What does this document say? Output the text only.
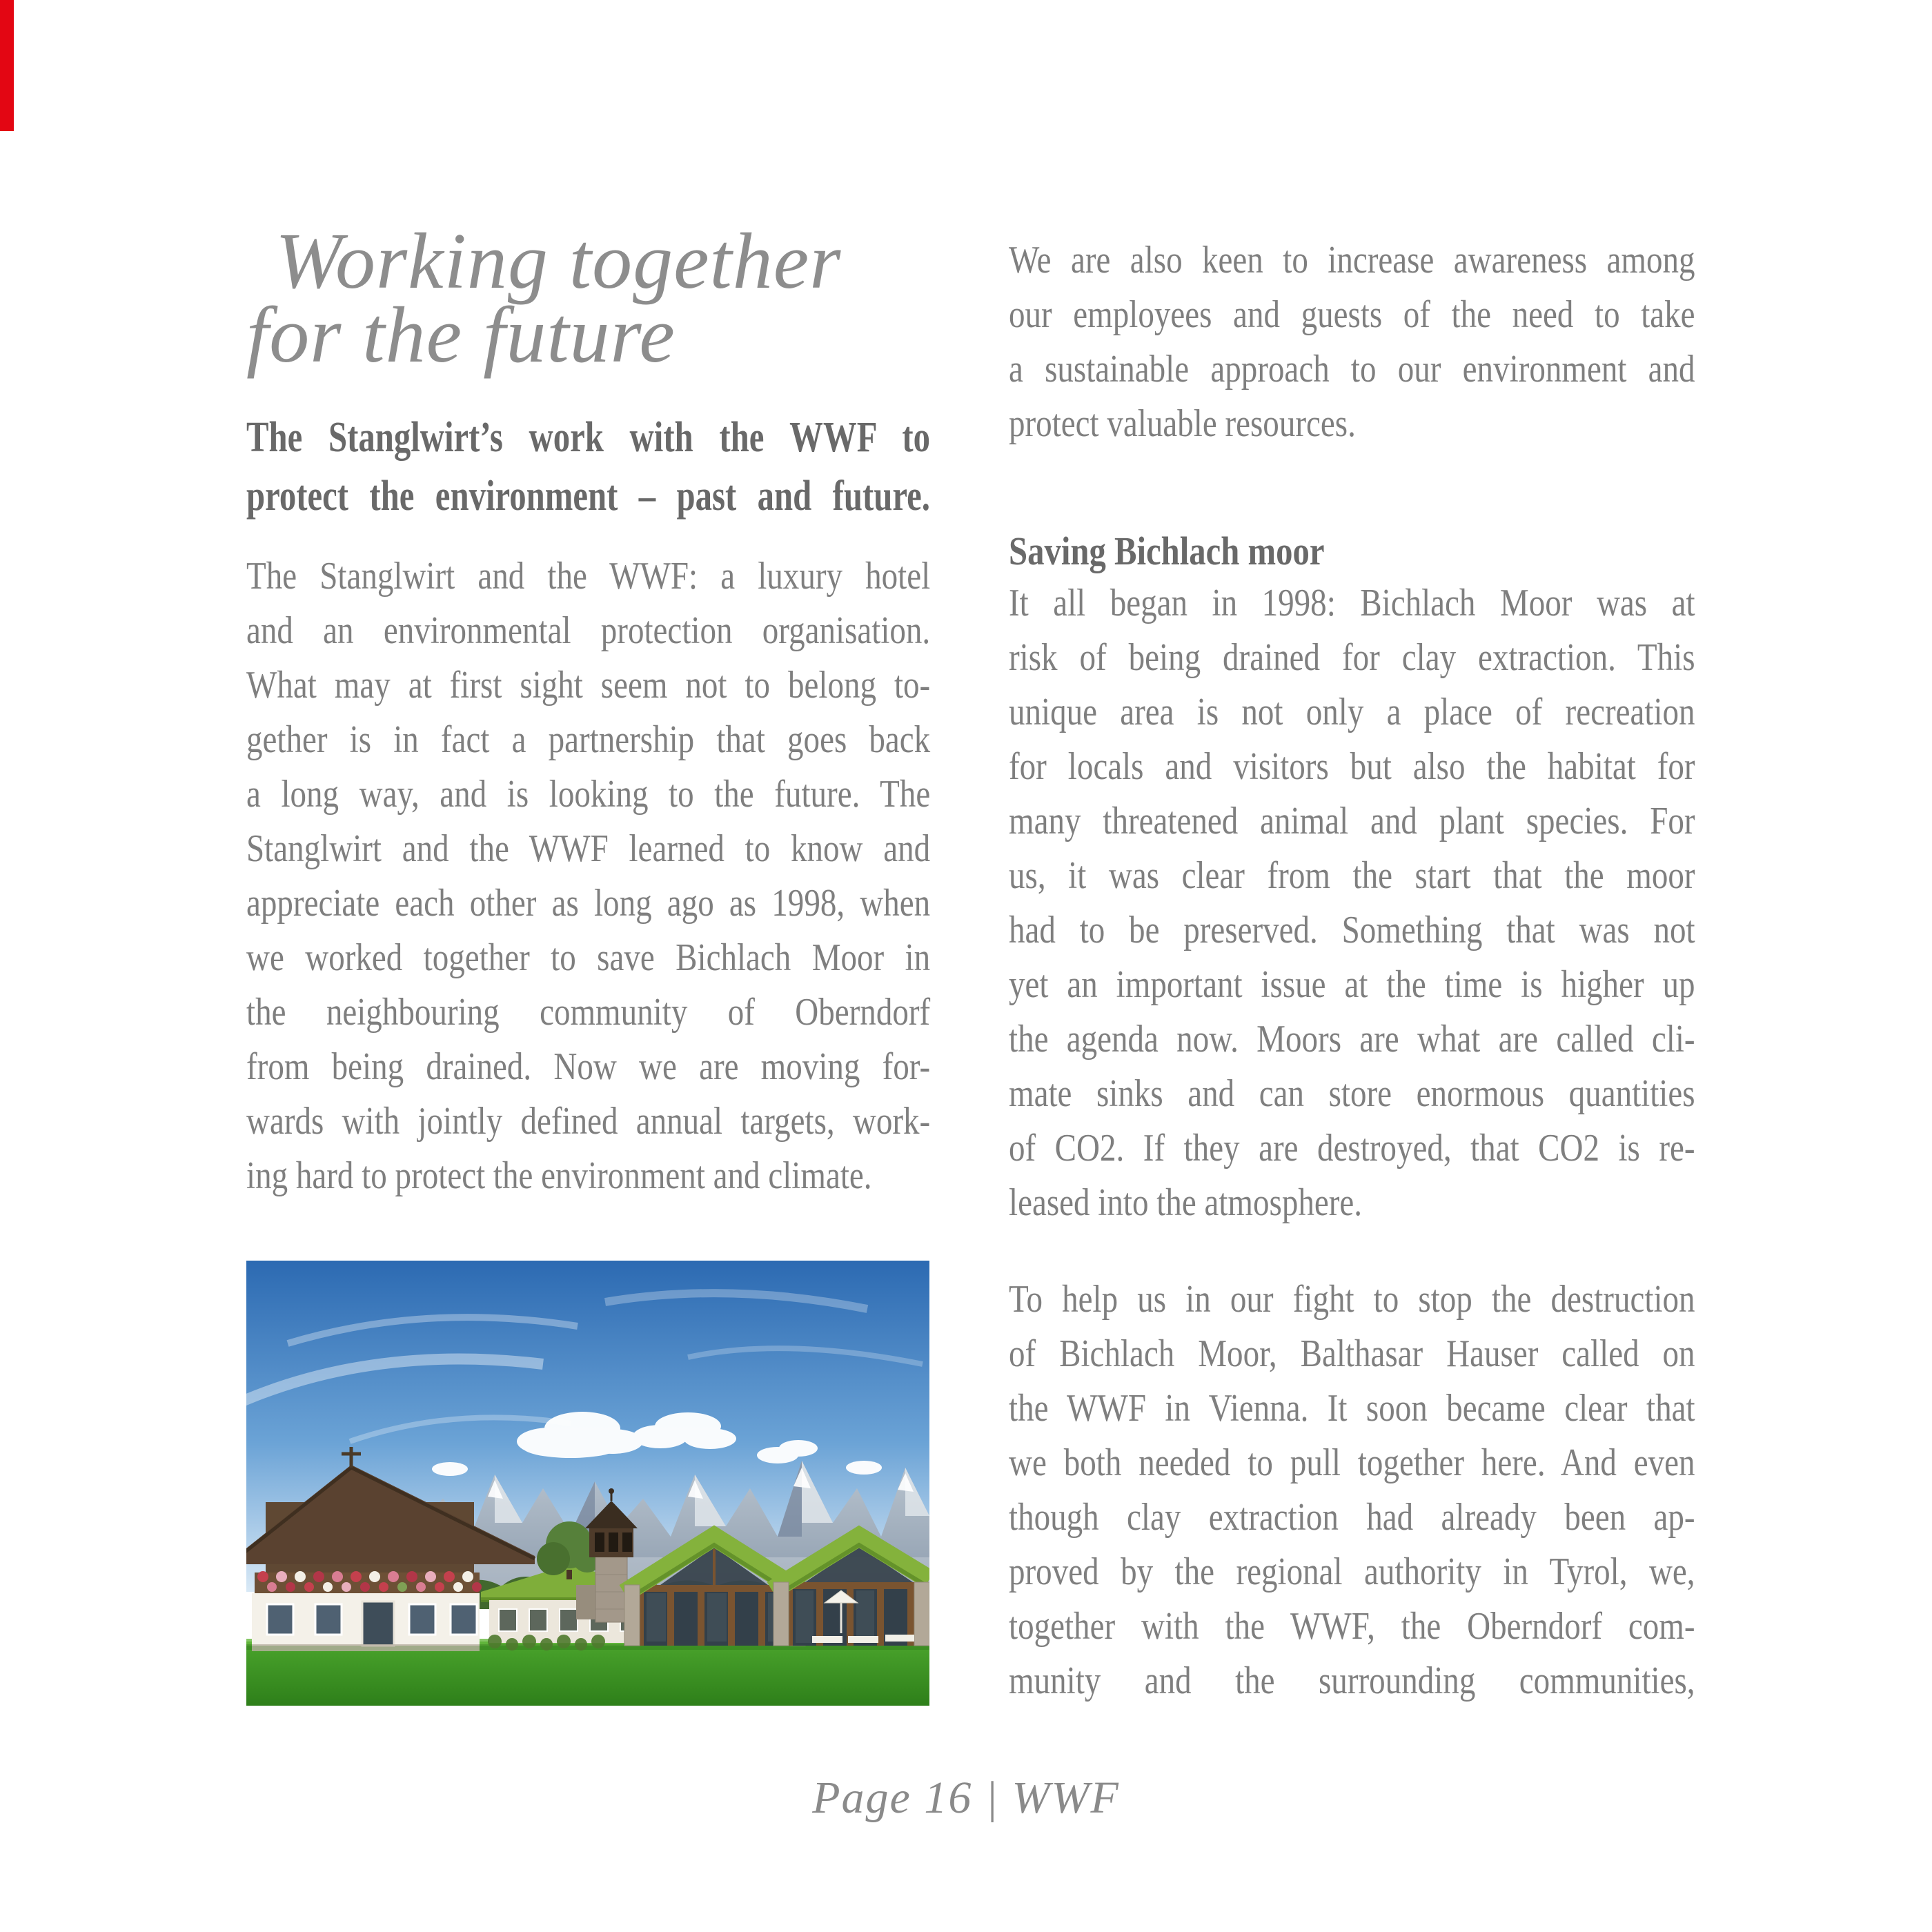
Working together
for the future
The Stanglwirt’s work with the WWF to
protect the environment – past and future.
The Stanglwirt and the WWF: a luxury hotel
and an environmental protection organisation.
What may at first sight seem not to belong to-
gether is in fact a partnership that goes back
a long way, and is looking to the future. The
Stanglwirt and the WWF learned to know and
appreciate each other as long ago as 1998, when
we worked together to save Bichlach Moor in
the neighbouring community of Oberndorf
from being drained. Now we are moving for-
wards with jointly defined annual targets, work-
ing hard to protect the environment and climate.
We are also keen to increase awareness among
our employees and guests of the need to take
a sustainable approach to our environment and
protect valuable resources.
Saving Bichlach moor
It all began in 1998: Bichlach Moor was at
risk of being drained for clay extraction. This
unique area is not only a place of recreation
for locals and visitors but also the habitat for
many threatened animal and plant species. For
us, it was clear from the start that the moor
had to be preserved. Something that was not
yet an important issue at the time is higher up
the agenda now. Moors are what are called cli-
mate sinks and can store enormous quantities
of CO2. If they are destroyed, that CO2 is re-
leased into the atmosphere.
To help us in our fight to stop the destruction
of Bichlach Moor, Balthasar Hauser called on
the WWF in Vienna. It soon became clear that
we both needed to pull together here. And even
though clay extraction had already been ap-
proved by the regional authority in Tyrol, we,
together with the WWF, the Oberndorf com-
munity and the surrounding communities,
Page 16 | WWF
